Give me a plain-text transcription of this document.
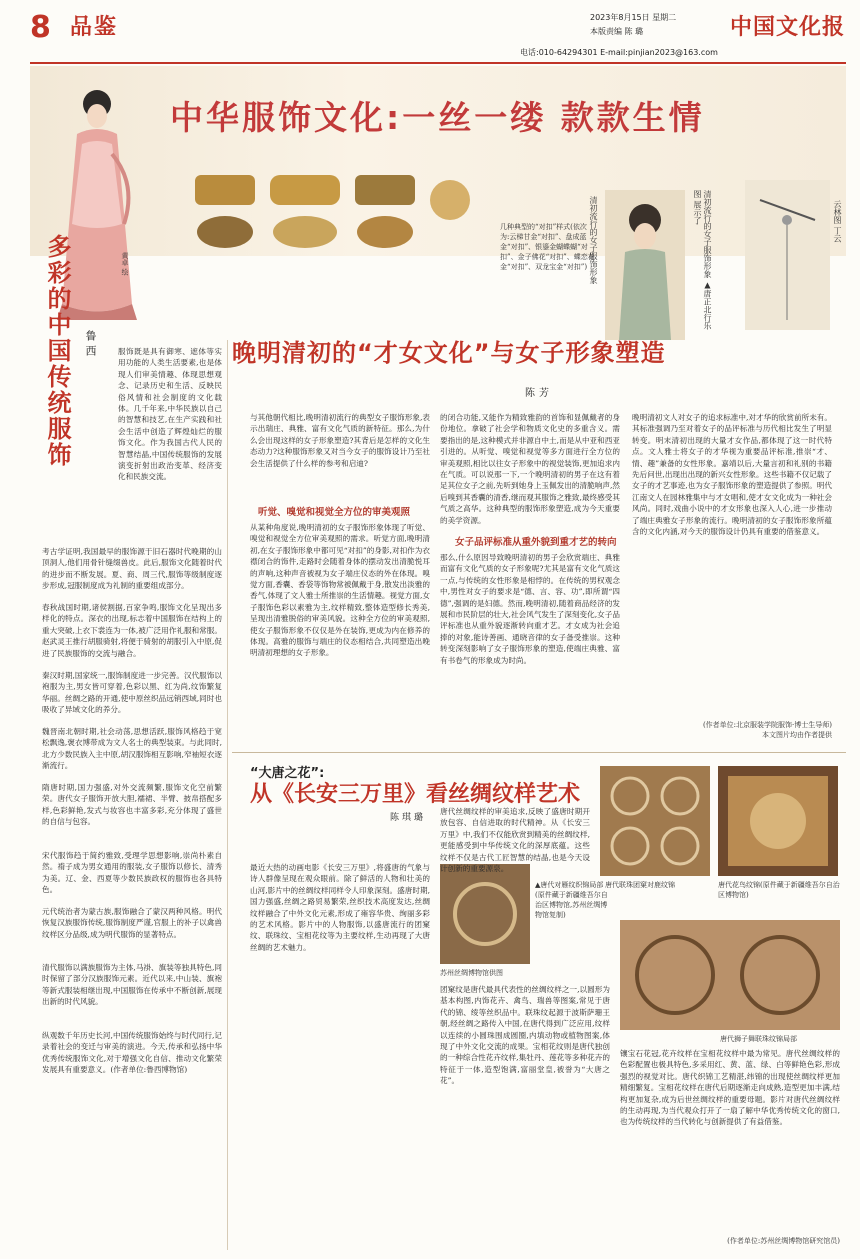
8 品鉴	2023年8月15日 星期二
本版责编 陈 璐
电话:010-64294301 E-mail:pinjian2023@163.com
中国文化报
中华服饰文化:一丝一缕 款款生情
黄卓 绘
几种典型的“对扣”样式(依次为:云梯甘金“对扣”、盘成蓝金“对扣”、银鎏金蝴蝶蝴“对扣”、金子佛花“对扣”、蝶恋花金“对扣”、双龙宝金“对扣”) 清初流行的女子服饰形象	清初流行的女子服饰形象 ▲唐正北行乐图 展示了	云林图 丁云
多彩的中国传统服饰 鲁西	服饰既是具有御寒、遮体等实用功能的人类生活要素,也是体现人们审美情趣、体现思想观念、记录历史和生活、反映民俗风情和社会制度的文化载体。几千年来,中华民族以自己的智慧和技艺,在生产实践和社会生活中创造了辉煌灿烂的服饰文化。作为我国古代人民的智慧结晶,中国传统服饰的发展演变折射出政治变革、经济变化和民族交流。
考古学证明,我国最早的服饰源于旧石器时代晚期的山顶洞人,他们用骨针缝缀兽皮。此后,服饰文化随着时代的进步而不断发展。夏、商、周三代,服饰等级制度逐步形成,冠服制度成为礼制的重要组成部分。
春秋战国时期,诸侯割据,百家争鸣,服饰文化呈现出多样化的特点。深衣的出现,标志着中国服饰在结构上的重大突破,上衣下裳连为一体,被广泛用作礼服和常服。赵武灵王推行胡服骑射,将便于骑射的胡服引入中原,促进了民族服饰的交流与融合。
秦汉时期,国家统一,服饰制度进一步完善。汉代服饰以袍服为主,男女皆可穿着,色彩以黑、红为尚,纹饰繁复华丽。丝绸之路的开通,使中原丝织品远销西域,同时也吸收了异域文化的养分。
魏晋南北朝时期,社会动荡,思想活跃,服饰风格趋于宽松飘逸,褒衣博带成为文人名士的典型装束。与此同时,北方少数民族入主中原,胡汉服饰相互影响,窄袖短衣逐渐流行。
隋唐时期,国力强盛,对外交流频繁,服饰文化空前繁荣。唐代女子服饰开放大胆,襦裙、半臂、披帛搭配多样,色彩鲜艳,发式与妆容也丰富多彩,充分体现了盛世的自信与包容。
宋代服饰趋于简约雅致,受理学思想影响,崇尚朴素自然。褙子成为男女通用的服装,女子服饰以修长、清秀为美。辽、金、西夏等少数民族政权的服饰也各具特色。
元代统治者为蒙古族,服饰融合了蒙汉两种风格。明代恢复汉族服饰传统,服饰制度严谨,官服上的补子以禽兽纹样区分品级,成为明代服饰的显著特点。
清代服饰以满族服饰为主体,马褂、旗装等独具特色,同时保留了部分汉族服饰元素。近代以来,中山装、旗袍等新式服装相继出现,中国服饰在传承中不断创新,展现出新的时代风貌。
纵观数千年历史长河,中国传统服饰始终与时代同行,记录着社会的变迁与审美的演进。今天,传承和弘扬中华优秀传统服饰文化,对于增强文化自信、推动文化繁荣发展具有重要意义。(作者单位:鲁西博物馆)
晚明清初的“才女文化”与女子形象塑造
陈芳
与其他朝代相比,晚明清初流行的典型女子服饰形象,表示出瑞庄、典雅、富有文化气质的新特征。那么,为什么会出现这样的女子形象塑造?其背后是怎样的文化生态动力?这种服饰形象又对当今女子的服饰设计乃至社会生活提供了什么样的参考和启迪?
听觉、嗅觉和视觉全方位的审美观照
从某种角度说,晚明清初的女子服饰形象体现了听觉、嗅觉和视觉全方位审美观照的需求。听觉方面,晚明清初,在女子服饰形象中都可见“对扣”的身影,对扣作为衣襟闭合的饰件,走路时会随着身体的摆动发出清脆悦耳的声响,这种声音被视为女子端庄仪态的外在体现。嗅觉方面,香囊、香袋等饰物常被佩戴于身,散发出淡雅的香气,体现了文人雅士所推崇的生活情趣。视觉方面,女子服饰色彩以素雅为主,纹样精致,整体造型修长秀美,呈现出清雅脱俗的审美风貌。这种全方位的审美观照,使女子服饰形象不仅仅是外在装饰,更成为内在修养的体现。高雅的服饰与端庄的仪态相结合,共同塑造出晚明清初理想的女子形象。
的闭合功能,又能作为精致雅韵的首饰和显佩戴者的身份地位。拿破了社会学和物质文化史的多重含义。需要指出的是,这种模式并非源自中土,而是从中亚和西亚引进的。从听觉、嗅觉和视觉等多方面进行全方位的审美观照,相比以往女子形象中的视觉装饰,更加追求内在气质。可以说那一下,一个晚明清初的男子在这有着足其位女子之前,先听到她身上玉佩发出的清脆响声,然后嗅到其香囊的清香,继而观其服饰之雅致,最终感受其气质之高华。这种典型的服饰形象塑造,成为今天重要的美学资源。
女子品评标准从重外貌到重才艺的转向
那么,什么原因导致晚明清初的男子会欣赏端庄、典雅而富有文化气质的女子形象呢?尤其是富有文化气质这一点,与传统的女性形象是相悖的。在传统的男权观念中,男性对女子的要求是“德、言、容、功”,即所谓“四德”,强调的是妇德。然而,晚明清初,随着商品经济的发展和市民阶层的壮大,社会风气发生了深刻变化,女子品评标准也从重外貌逐渐转向重才艺。才女成为社会追捧的对象,能诗善画、通晓音律的女子备受推崇。这种转变深刻影响了女子服饰形象的塑造,使端庄典雅、富有书卷气的形象成为时尚。
晚明清初文人对女子的追求标准中,对才华的欣赏前所未有。其标准强调乃至对着女子的品评标准与历代相比发生了明显转变。明末清初出现的大量才女作品,都体现了这一时代特点。文人雅士将女子的才华视为重要品评标准,推崇“才、情、趣”兼备的女性形象。嘉靖以后,大量言初和礼别的书籍先后问世,出现出出现的新兴女性形象。这些书籍不仅记载了女子的才艺事迹,也为女子服饰形象的塑造提供了参照。明代江南文人在园林雅集中与才女唱和,使才女文化成为一种社会风尚。同时,戏曲小说中的才女形象也深入人心,进一步推动了端庄典雅女子形象的流行。晚明清初的女子服饰形象所蕴含的文化内涵,对今天的服饰设计仍具有重要的借鉴意义。
(作者单位:北京服装学院服饰·博士生导师)
本文图片均由作者提供
“大唐之花”:
从《长安三万里》看丝绸纹样艺术
陈琪璐
唐代联珠团窠对鹿纹锦	唐代花鸟纹锦(原件藏于新疆维吾尔自治区博物馆)
▲唐代对雁纹织锦局部(原件藏于新疆维吾尔自治区博物馆,苏州丝绸博物馆复制)
苏州丝绸博物馆供图
唐代狮子舞联珠纹锦局部
最近大热的动画电影《长安三万里》,将盛唐的气象与诗人群像呈现在观众眼前。除了鲜活的人物和壮美的山河,影片中的丝绸纹样同样令人印象深刻。盛唐时期,国力强盛,丝绸之路贸易繁荣,丝织技术高度发达,丝绸纹样融合了中外文化元素,形成了雍容华贵、绚丽多彩的艺术风格。影片中的人物服饰,以盛唐流行的团窠纹、联珠纹、宝相花纹等为主要纹样,生动再现了大唐丝绸的艺术魅力。
团窠纹是唐代最具代表性的丝绸纹样之一,以圆形为基本构图,内饰花卉、禽鸟、瑞兽等图案,常见于唐代的锦、绫等丝织品中。联珠纹起源于波斯萨珊王朝,经丝绸之路传入中国,在唐代得到广泛应用,纹样以连续的小圆珠围成圆圈,内填动物或植物图案,体现了中外文化交流的成果。宝相花纹则是唐代独创的一种综合性花卉纹样,集牡丹、莲花等多种花卉的特征于一体,造型饱满,富丽堂皇,被誉为“大唐之花”。
唐代丝绸纹样的审美追求,反映了盛唐时期开放包容、自信进取的时代精神。从《长安三万里》中,我们不仅能欣赏到精美的丝绸纹样,更能感受到中华传统文化的深厚底蕴。这些纹样不仅是古代工匠智慧的结晶,也是今天设计创新的重要源泉。
镶宝石花冠,花卉纹样在宝相花纹样中最为常见。唐代丝绸纹样的色彩配置也极具特色,多采用红、黄、蓝、绿、白等鲜艳色彩,形成强烈的视觉对比。唐代织锦工艺精湛,纬锦的出现使丝绸纹样更加精细繁复。宝相花纹样在唐代后期逐渐走向成熟,造型更加丰满,结构更加复杂,成为后世丝绸纹样的重要母题。影片对唐代丝绸纹样的生动再现,为当代观众打开了一扇了解中华优秀传统文化的窗口,也为传统纹样的当代转化与创新提供了有益借鉴。
(作者单位:苏州丝绸博物馆研究馆员)
